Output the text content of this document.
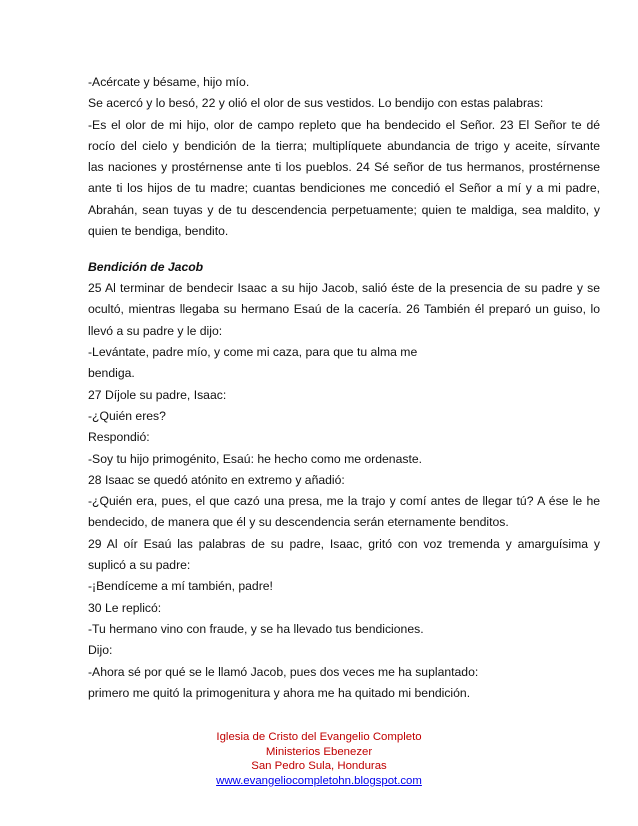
-Acércate y bésame, hijo mío.
Se acercó y lo besó, 22 y olió el olor de sus vestidos. Lo bendijo con estas palabras:
-Es el olor de mi hijo, olor de campo repleto que ha bendecido el Señor. 23 El Señor te dé
rocío del cielo y bendición de la tierra; multiplíquete abundancia de trigo y aceite, sírvante
las naciones y prostérnense ante ti los pueblos. 24 Sé señor de tus hermanos, prostérnense
ante ti los hijos de tu madre; cuantas bendiciones me concedió el Señor a mí y a mi padre,
Abrahán, sean tuyas y de tu descendencia perpetuamente; quien te maldiga, sea maldito, y
quien te bendiga, bendito.
Bendición de Jacob
25 Al terminar de bendecir Isaac a su hijo Jacob, salió éste de la presencia de su padre y se
ocultó, mientras llegaba su hermano Esaú de la cacería. 26 También él preparó un guiso, lo
llevó a su padre y le dijo:
-Levántate, padre mío, y come mi caza, para que tu alma me
bendiga.
27 Díjole su padre, Isaac:
-¿Quién eres?
Respondió:
-Soy tu hijo primogénito, Esaú: he hecho como me ordenaste.
28 Isaac se quedó atónito en extremo y añadió:
-¿Quién era, pues, el que cazó una presa, me la trajo y comí antes de llegar tú? A ése le he
bendecido, de manera que él y su descendencia serán eternamente benditos.
29 Al oír Esaú las palabras de su padre, Isaac, gritó con voz tremenda y amarguísima y
suplicó a su padre:
-¡Bendíceme a mí también, padre!
30 Le replicó:
-Tu hermano vino con fraude, y se ha llevado tus bendiciones.
Dijo:
-Ahora sé por qué se le llamó Jacob, pues dos veces me ha suplantado:
primero me quitó la primogenitura y ahora me ha quitado mi bendición.
Iglesia de Cristo del Evangelio Completo
Ministerios Ebenezer
San Pedro Sula, Honduras
www.evangeliocompletohn.blogspot.com
